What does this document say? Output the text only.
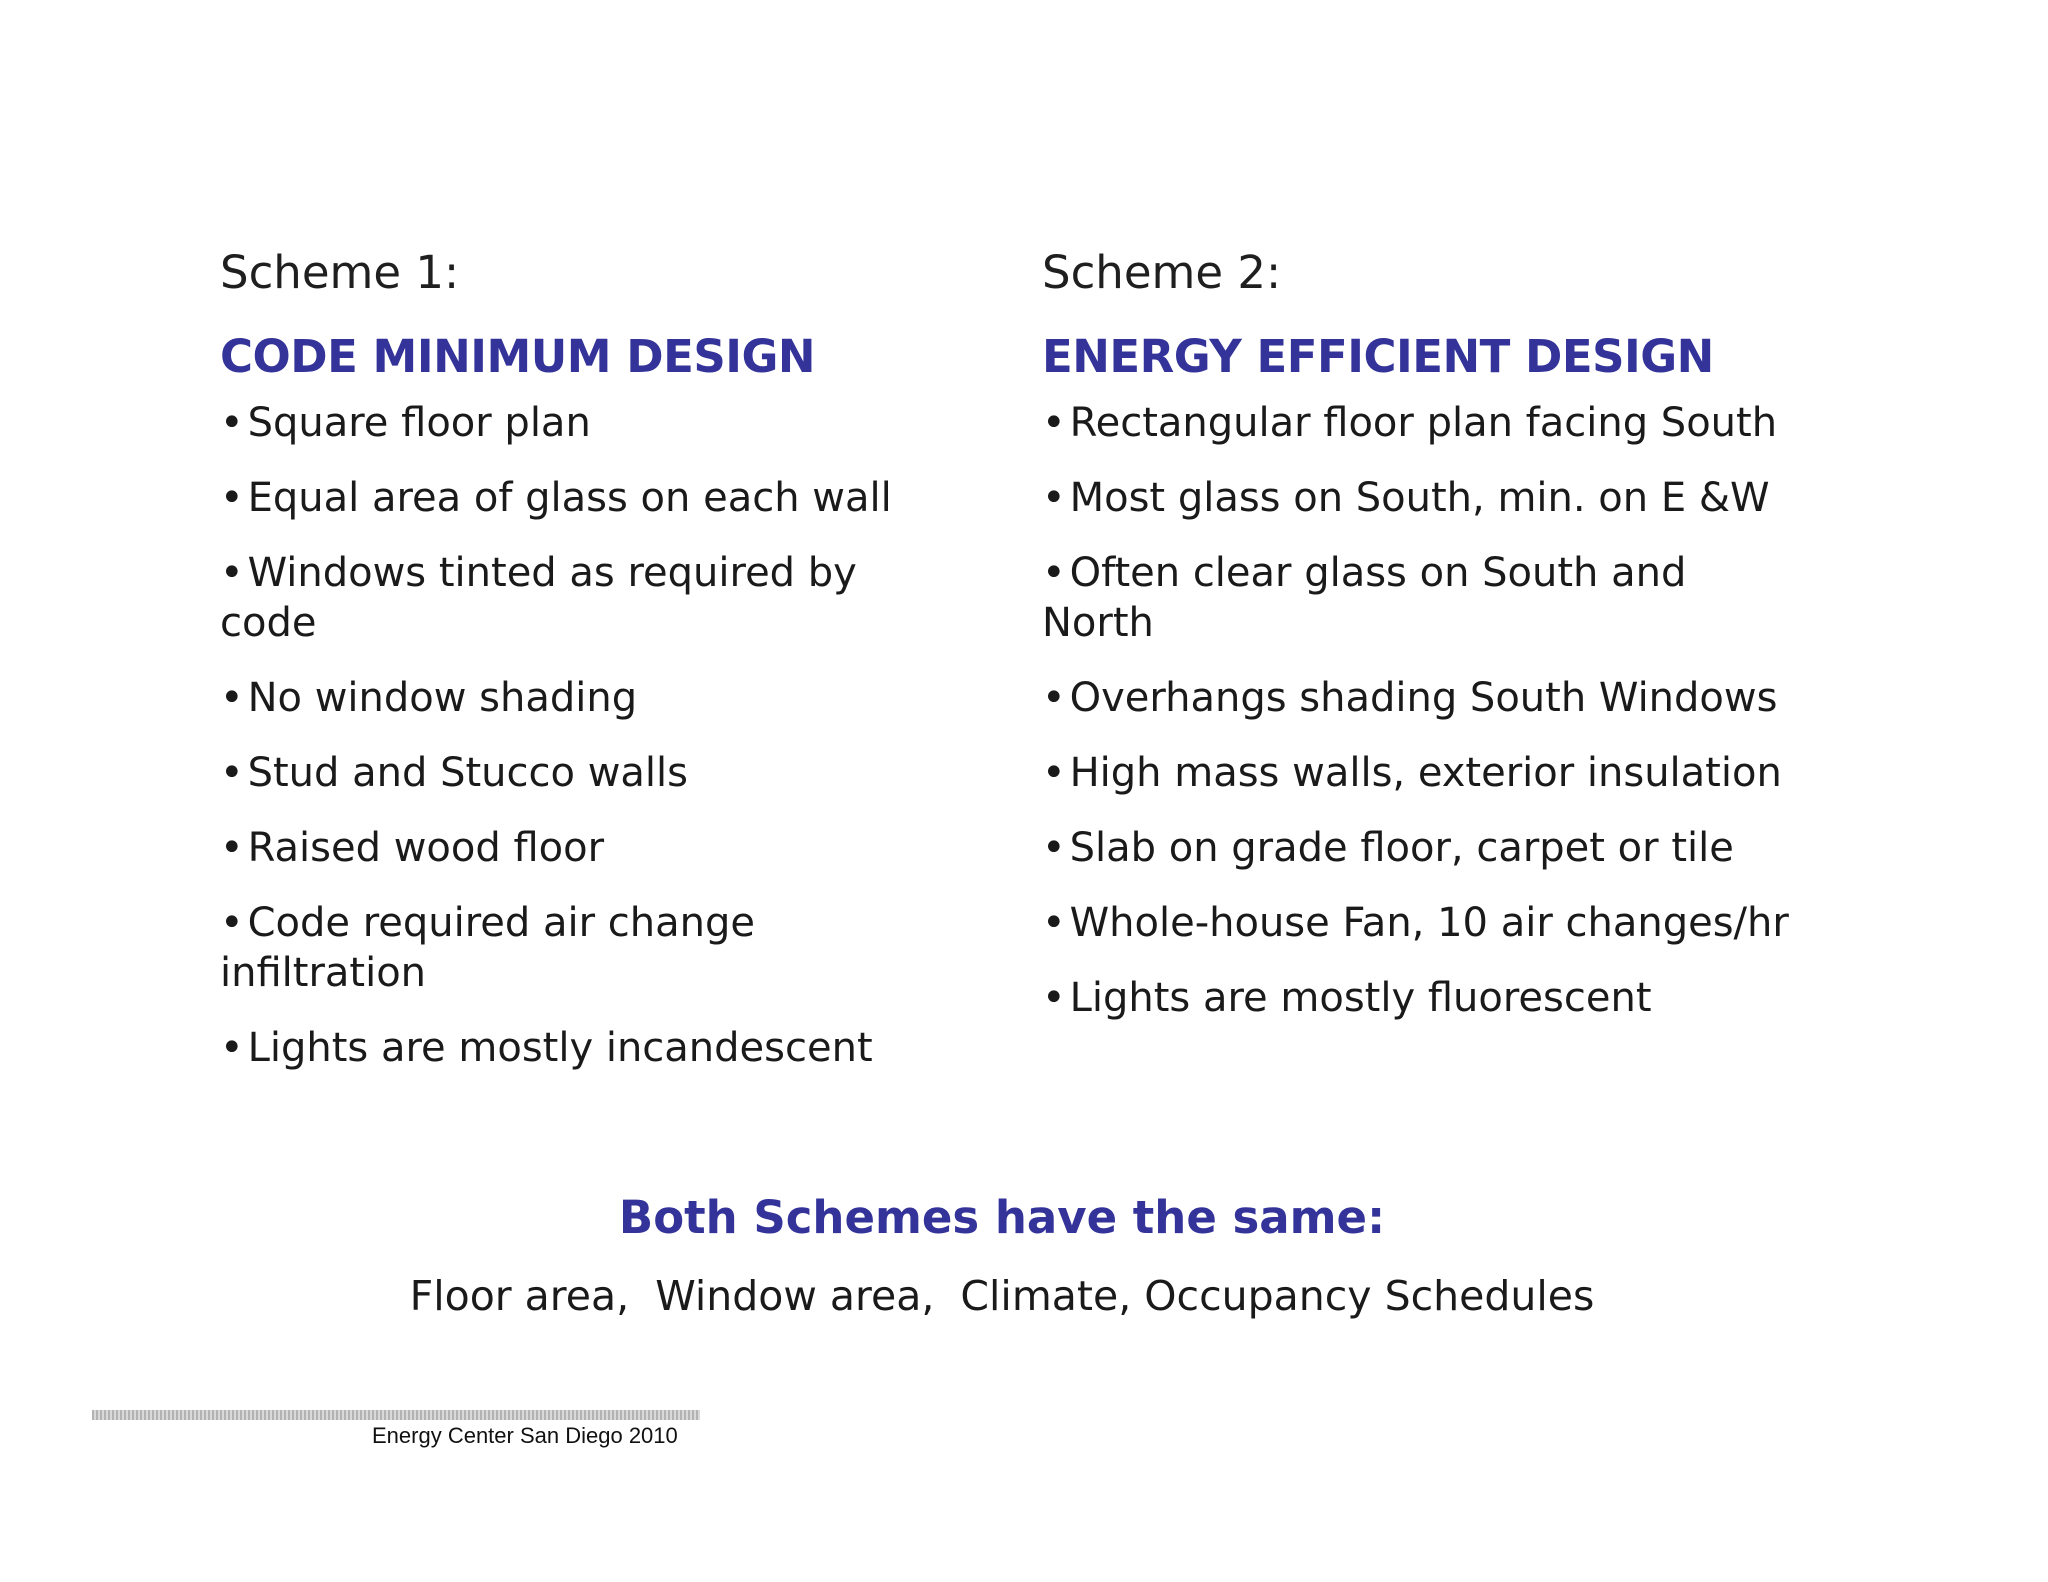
Scheme 1:
CODE MINIMUM DESIGN
• Square floor plan
• Equal area of glass on each wall
• Windows tinted as required by code
• No window shading
• Stud and Stucco walls
• Raised wood floor
• Code required air change infiltration
• Lights are mostly incandescent
Scheme 2:
ENERGY EFFICIENT DESIGN
• Rectangular floor plan facing South
• Most glass on South, min. on E &W
• Often clear glass on South and North
• Overhangs shading South Windows
• High mass walls, exterior insulation
• Slab on grade floor, carpet or tile
• Whole-house Fan, 10 air changes/hr
• Lights are mostly fluorescent
Both Schemes have the same:
Floor area,  Window area,  Climate, Occupancy Schedules
Energy Center San Diego 2010
